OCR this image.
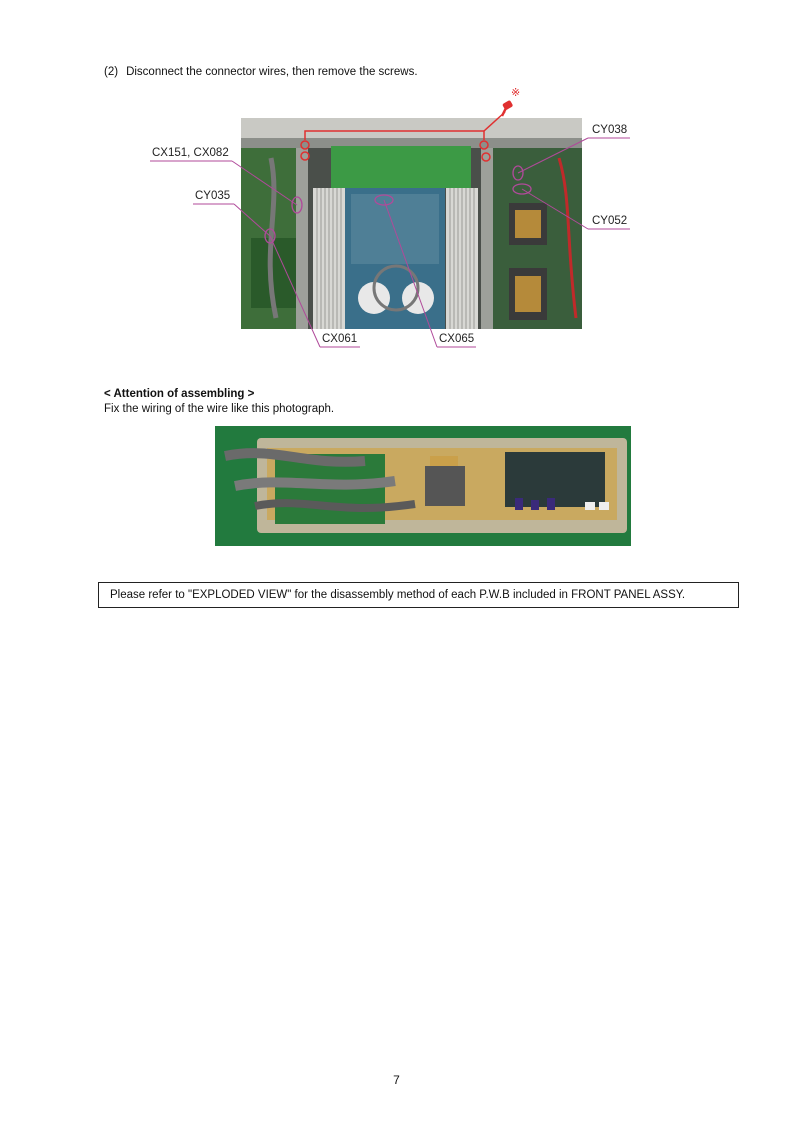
(2) Disconnect the connector wires, then remove the screws.
CX151, CX082
CY035
CY038
CY052
CX061	CX065
※
< Attention of assembling >
Fix the wiring of the wire like this photograph.
Please refer to "EXPLODED VIEW" for the disassembly method of each P.W.B included in FRONT PANEL ASSY.
7
